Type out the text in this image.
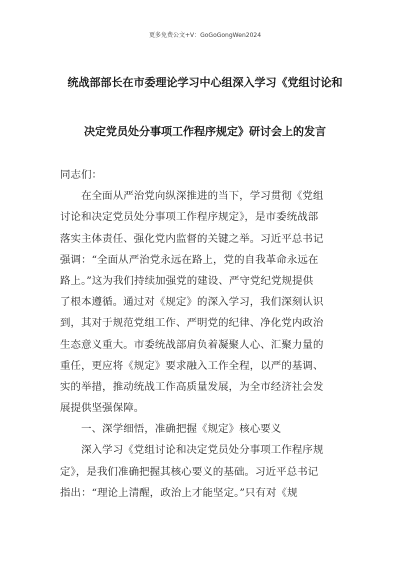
更多免费公文+V：GoGoGongWen2024
统战部部长在市委理论学习中心组深入学习《党组讨论和
决定党员处分事项工作程序规定》研讨会上的发言
同志们：
　　在全面从严治党向纵深推进的当下，学习贯彻《党组
讨论和决定党员处分事项工作程序规定》，是市委统战部
落实主体责任、强化党内监督的关键之举。习近平总书记
强调：“全面从严治党永远在路上，党的自我革命永远在
路上。”这为我们持续加强党的建设、严守党纪党规提供
了根本遵循。通过对《规定》的深入学习，我们深刻认识
到，其对于规范党组工作、严明党的纪律、净化党内政治
生态意义重大。市委统战部肩负着凝聚人心、汇聚力量的
重任，更应将《规定》要求融入工作全程，以严的基调、
实的举措，推动统战工作高质量发展，为全市经济社会发
展提供坚强保障。
　　一、深学细悟，准确把握《规定》核心要义
　　深入学习《党组讨论和决定党员处分事项工作程序规
定》，是我们准确把握其核心要义的基础。习近平总书记
指出：“理论上清醒，政治上才能坚定。”只有对《规
